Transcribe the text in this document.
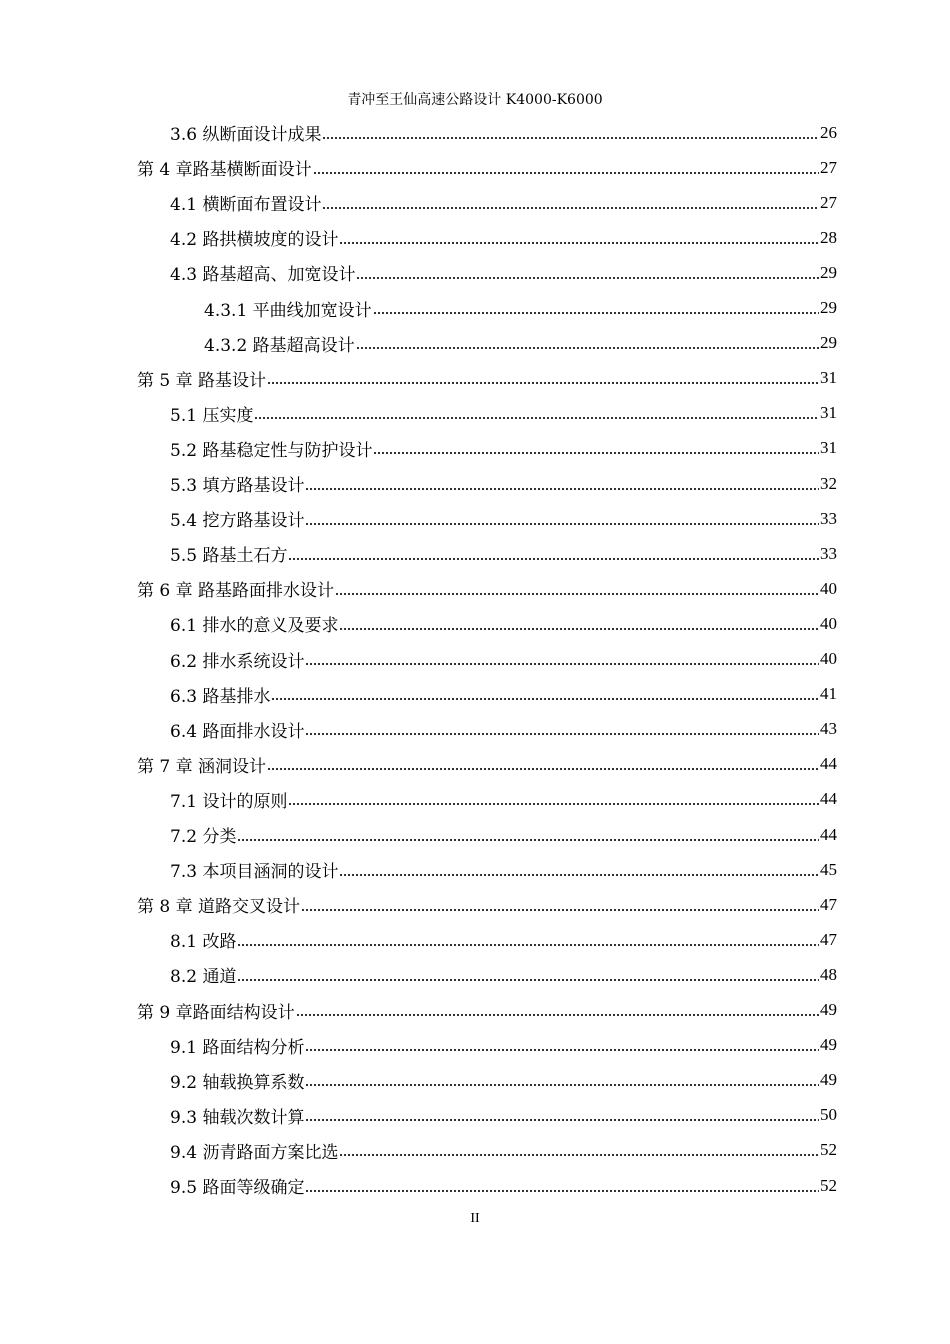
青冲至王仙高速公路设计 K4000-K6000
3.6 纵断面设计成果	26
第 4 章路基横断面设计	27
4.1 横断面布置设计	27
4.2 路拱横坡度的设计	28
4.3 路基超高、加宽设计	29
4.3.1 平曲线加宽设计	29
4.3.2 路基超高设计	29
第 5 章 路基设计	31
5.1 压实度	31
5.2 路基稳定性与防护设计	31
5.3 填方路基设计	32
5.4 挖方路基设计	33
5.5 路基土石方	33
第 6 章 路基路面排水设计	40
6.1 排水的意义及要求	40
6.2 排水系统设计	40
6.3 路基排水	41
6.4 路面排水设计	43
第 7 章 涵洞设计	44
7.1 设计的原则	44
7.2 分类	44
7.3 本项目涵洞的设计	45
第 8 章 道路交叉设计	47
8.1 改路	47
8.2 通道	48
第 9 章路面结构设计	49
9.1 路面结构分析	49
9.2 轴载换算系数	49
9.3 轴载次数计算	50
9.4 沥青路面方案比选	52
9.5 路面等级确定	52
II
